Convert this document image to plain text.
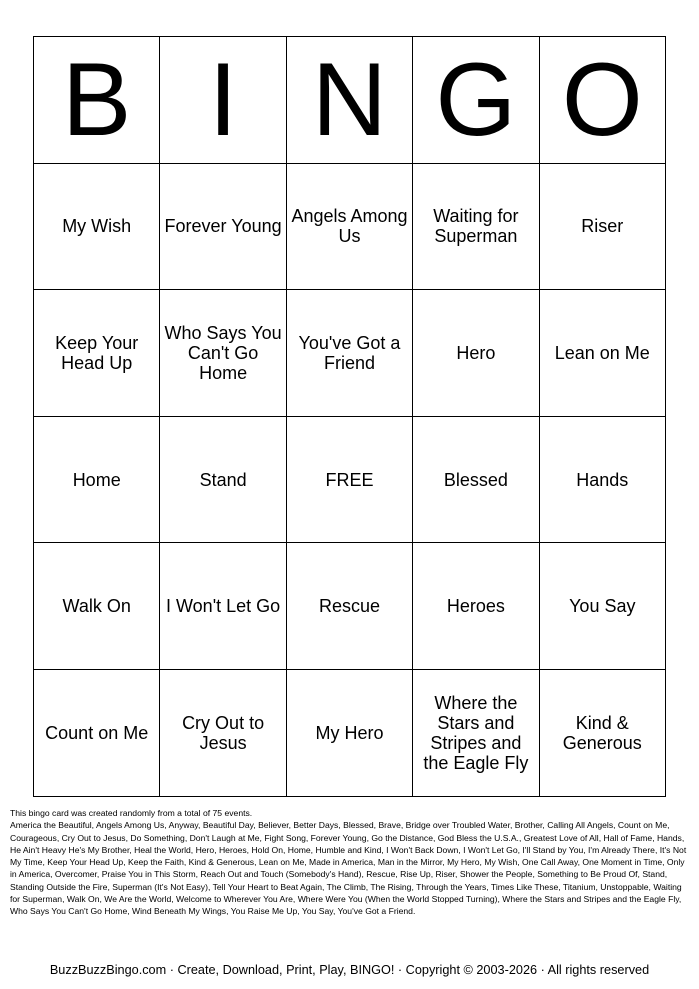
B	I	N	G	O
My Wish	Forever Young	Angels Among Us	Waiting for Superman	Riser
Keep Your Head Up	Who Says You Can't Go Home	You've Got a Friend	Hero	Lean on Me
Home	Stand	FREE	Blessed	Hands
Walk On	I Won't Let Go	Rescue	Heroes	You Say
Count on Me	Cry Out to Jesus	My Hero	Where the Stars and Stripes and the Eagle Fly	Kind & Generous

This bingo card was created randomly from a total of 75 events.

America the Beautiful, Angels Among Us, Anyway, Beautiful Day, Believer, Better Days, Blessed, Brave, Bridge over Troubled Water, Brother, Calling All Angels, Count on Me, Courageous, Cry Out to Jesus, Do Something, Don't Laugh at Me, Fight Song, Forever Young, Go the Distance, God Bless the U.S.A., Greatest Love of All, Hall of Fame, Hands, He Ain't Heavy He's My Brother, Heal the World, Hero, Heroes, Hold On, Home, Humble and Kind, I Won't Back Down, I Won't Let Go, I'll Stand by You, I'm Already There, It's Not My Time, Keep Your Head Up, Keep the Faith, Kind & Generous, Lean on Me, Made in America, Man in the Mirror, My Hero, My Wish, One Call Away, One Moment in Time, Only in America, Overcomer, Praise You in This Storm, Reach Out and Touch (Somebody's Hand), Rescue, Rise Up, Riser, Shower the People, Something to Be Proud Of, Stand, Standing Outside the Fire, Superman (It's Not Easy), Tell Your Heart to Beat Again, The Climb, The Rising, Through the Years, Times Like These, Titanium, Unstoppable, Waiting for Superman, Walk On, We Are the World, Welcome to Wherever You Are, Where Were You (When the World Stopped Turning), Where the Stars and Stripes and the Eagle Fly, Who Says You Can't Go Home, Wind Beneath My Wings, You Raise Me Up, You Say, You've Got a Friend.

BuzzBuzzBingo.com · Create, Download, Print, Play, BINGO! · Copyright © 2003-2026 · All rights reserved
